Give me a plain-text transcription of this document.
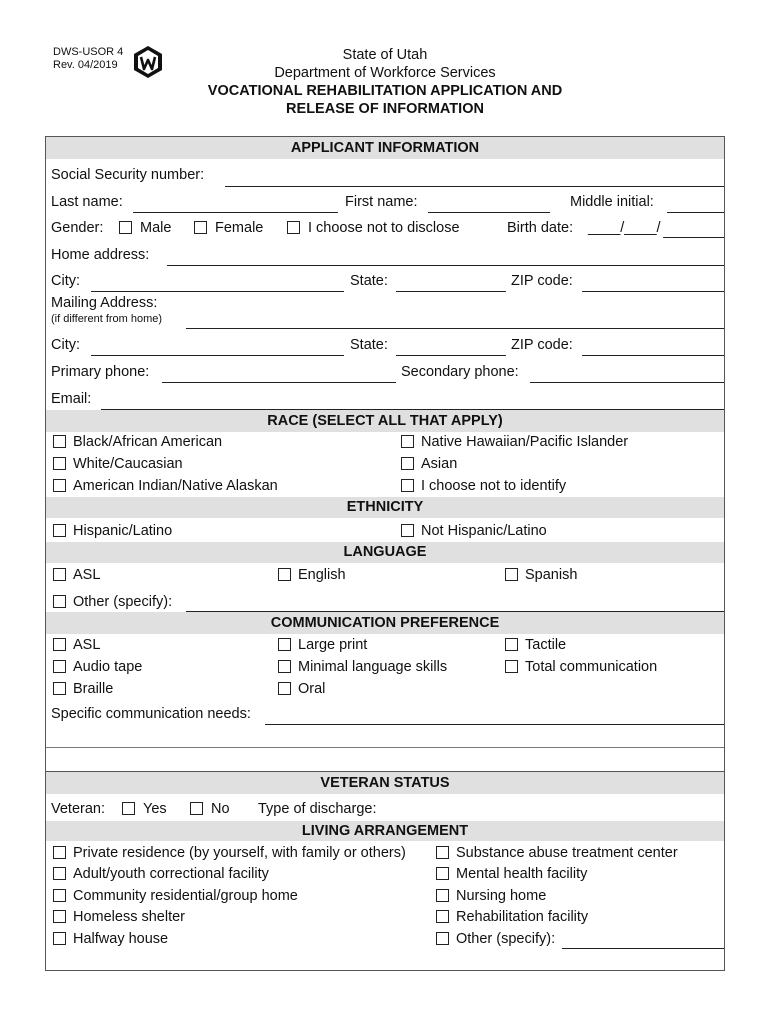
DWS-USOR 4
Rev. 04/2019
State of Utah
Department of Workforce Services
VOCATIONAL REHABILITATION APPLICATION AND
RELEASE OF INFORMATION
APPLICANT INFORMATION
Social Security number:
Last name:	First name:	Middle initial:
Gender:	Male	Female	I choose not to disclose	Birth date: ____/____/
Home address:
City:	State:	ZIP code:
Mailing Address:
(if different from home)
City:	State:	ZIP code:
Primary phone:	Secondary phone:
Email:
RACE (SELECT ALL THAT APPLY)
Black/African American
White/Caucasian
American Indian/Native Alaskan
Native Hawaiian/Pacific Islander
Asian
I choose not to identify
ETHNICITY
Hispanic/Latino	Not Hispanic/Latino
LANGUAGE
ASL	English	Spanish
Other (specify):
COMMUNICATION PREFERENCE
ASL
Audio tape
Braille
Large print
Minimal language skills
Oral
Tactile
Total communication
Specific communication needs:
VETERAN STATUS
Veteran:	Yes	No Type of discharge:
LIVING ARRANGEMENT
Private residence (by yourself, with family or others)
Adult/youth correctional facility
Community residential/group home
Homeless shelter
Halfway house
Substance abuse treatment center
Mental health facility
Nursing home
Rehabilitation facility
Other (specify):
